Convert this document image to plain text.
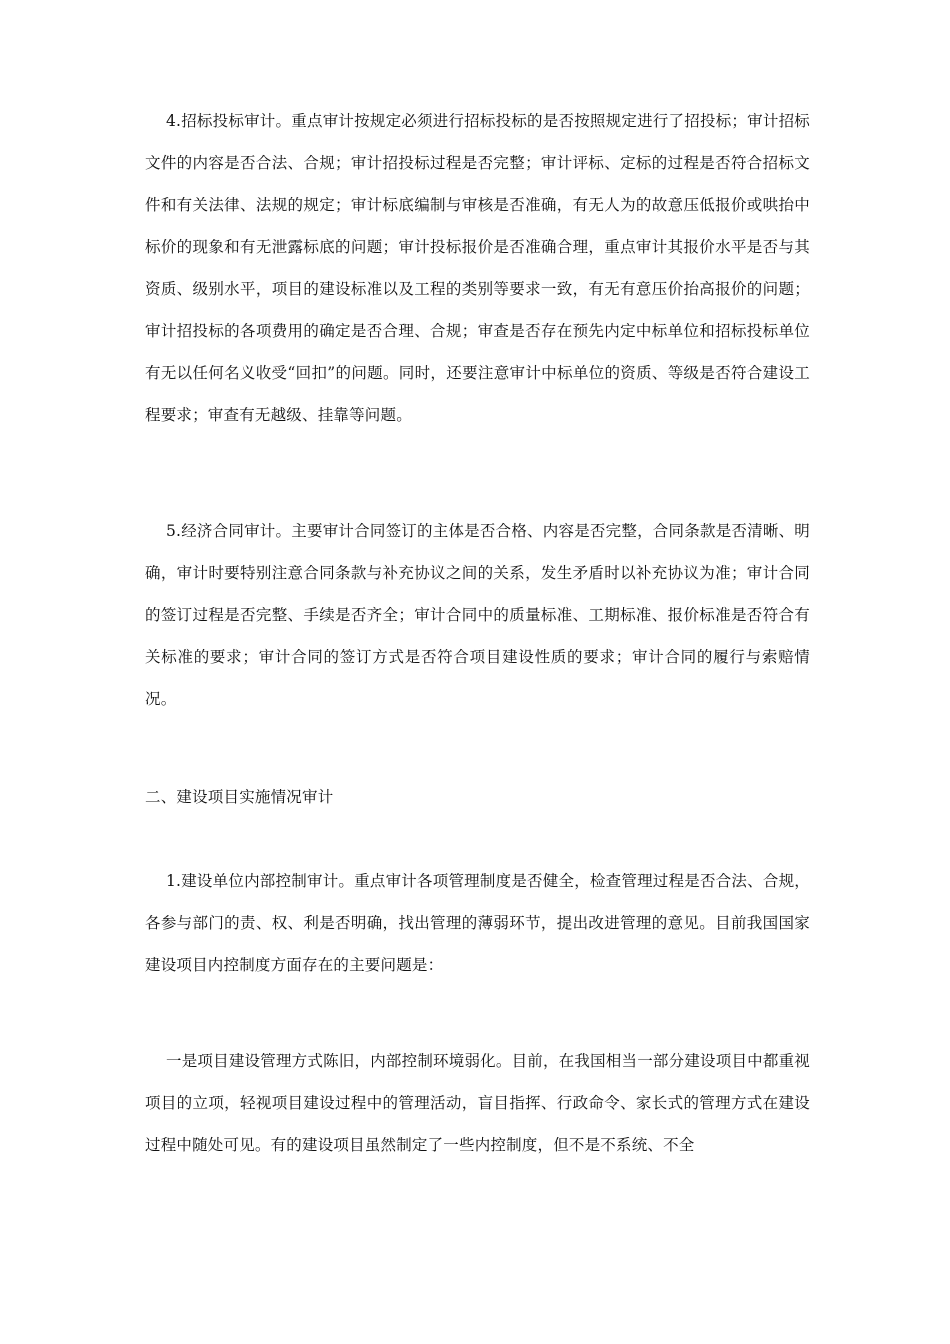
4.招标投标审计。重点审计按规定必须进行招标投标的是否按照规定进行了招投标；审计招标文件的内容是否合法、合规；审计招投标过程是否完整；审计评标、定标的过程是否符合招标文件和有关法律、法规的规定；审计标底编制与审核是否准确，有无人为的故意压低报价或哄抬中标价的现象和有无泄露标底的问题；审计投标报价是否准确合理，重点审计其报价水平是否与其资质、级别水平，项目的建设标准以及工程的类别等要求一致，有无有意压价抬高报价的问题；审计招投标的各项费用的确定是否合理、合规；审查是否存在预先内定中标单位和招标投标单位有无以任何名义收受“回扣”的问题。同时，还要注意审计中标单位的资质、等级是否符合建设工程要求；审查有无越级、挂靠等问题。

5.经济合同审计。主要审计合同签订的主体是否合格、内容是否完整，合同条款是否清晰、明确，审计时要特别注意合同条款与补充协议之间的关系，发生矛盾时以补充协议为准；审计合同的签订过程是否完整、手续是否齐全；审计合同中的质量标准、工期标准、报价标准是否符合有关标准的要求；审计合同的签订方式是否符合项目建设性质的要求；审计合同的履行与索赔情况。

二、建设项目实施情况审计

1.建设单位内部控制审计。重点审计各项管理制度是否健全，检查管理过程是否合法、合规，各参与部门的责、权、利是否明确，找出管理的薄弱环节，提出改进管理的意见。目前我国国家建设项目内控制度方面存在的主要问题是：

一是项目建设管理方式陈旧，内部控制环境弱化。目前，在我国相当一部分建设项目中都重视项目的立项，轻视项目建设过程中的管理活动，盲目指挥、行政命令、家长式的管理方式在建设过程中随处可见。有的建设项目虽然制定了一些内控制度，但不是不系统、不全
